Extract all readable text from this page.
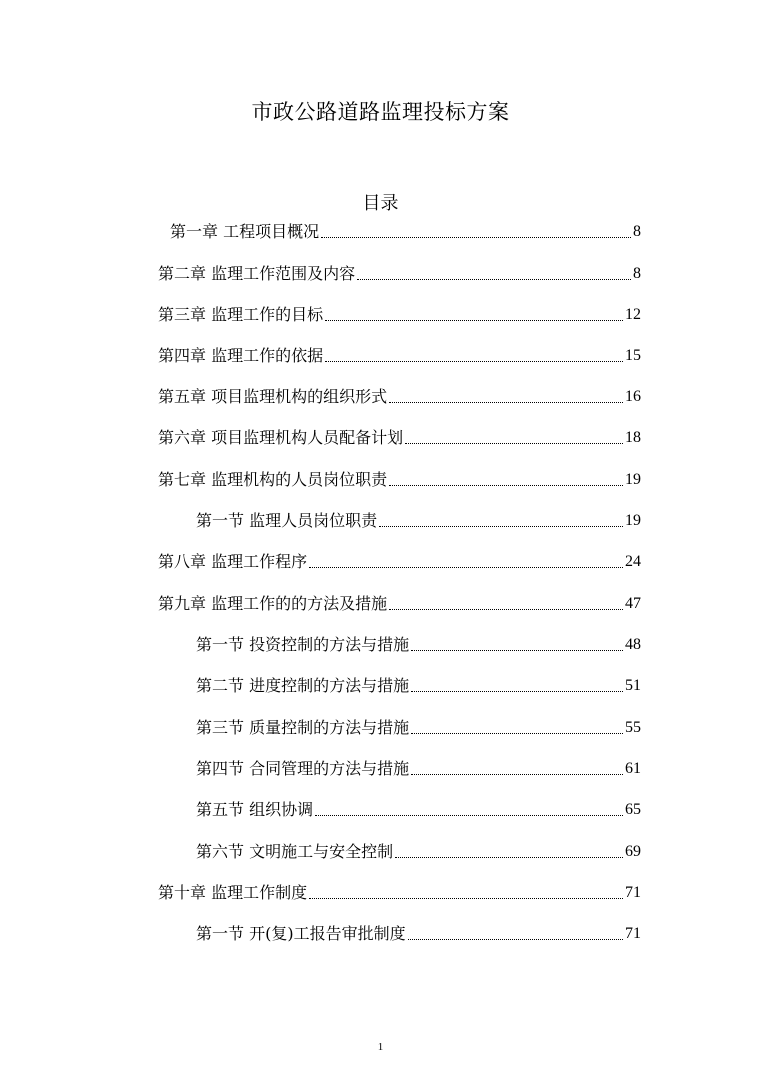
市政公路道路监理投标方案
目录
第一章 工程项目概况	8
第二章 监理工作范围及内容	8
第三章 监理工作的目标	12
第四章 监理工作的依据	15
第五章 项目监理机构的组织形式	16
第六章 项目监理机构人员配备计划	18
第七章 监理机构的人员岗位职责	19
第一节 监理人员岗位职责	19
第八章 监理工作程序	24
第九章 监理工作的的方法及措施	47
第一节 投资控制的方法与措施	48
第二节 进度控制的方法与措施	51
第三节 质量控制的方法与措施	55
第四节 合同管理的方法与措施	61
第五节 组织协调	65
第六节 文明施工与安全控制	69
第十章 监理工作制度	71
第一节 开(复)工报告审批制度	71
1
